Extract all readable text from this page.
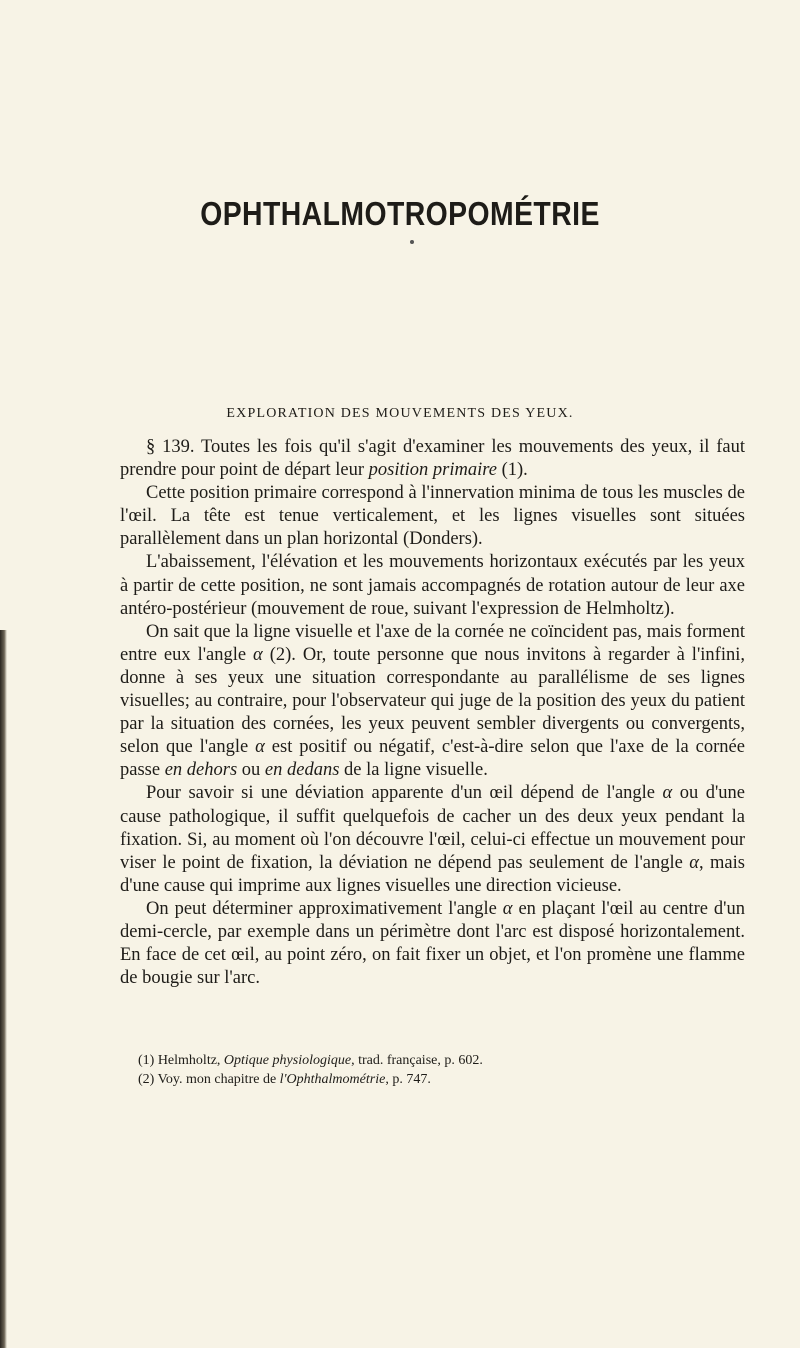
OPHTHALMOTROPOMÉTRIE
EXPLORATION DES MOUVEMENTS DES YEUX.

§ 139. Toutes les fois qu'il s'agit d'examiner les mouvements des yeux, il faut prendre pour point de départ leur position primaire (1).

Cette position primaire correspond à l'innervation minima de tous les muscles de l'œil. La tête est tenue verticalement, et les lignes visuelles sont situées parallèlement dans un plan horizontal (Donders).

L'abaissement, l'élévation et les mouvements horizontaux exécutés par les yeux à partir de cette position, ne sont jamais accompagnés de rotation autour de leur axe antéro-postérieur (mouvement de roue, suivant l'expression de Helmholtz).

On sait que la ligne visuelle et l'axe de la cornée ne coïncident pas, mais forment entre eux l'angle α (2). Or, toute personne que nous invitons à regarder à l'infini, donne à ses yeux une situation correspondante au parallélisme de ses lignes visuelles; au contraire, pour l'observateur qui juge de la position des yeux du patient par la situation des cornées, les yeux peuvent sembler divergents ou convergents, selon que l'angle α est positif ou négatif, c'est-à-dire selon que l'axe de la cornée passe en dehors ou en dedans de la ligne visuelle.

Pour savoir si une déviation apparente d'un œil dépend de l'angle α ou d'une cause pathologique, il suffit quelquefois de cacher un des deux yeux pendant la fixation. Si, au moment où l'on découvre l'œil, celui-ci effectue un mouvement pour viser le point de fixation, la déviation ne dépend pas seulement de l'angle α, mais d'une cause qui imprime aux lignes visuelles une direction vicieuse.

On peut déterminer approximativement l'angle α en plaçant l'œil au centre d'un demi-cercle, par exemple dans un périmètre dont l'arc est disposé horizontalement. En face de cet œil, au point zéro, on fait fixer un objet, et l'on promène une flamme de bougie sur l'arc.

(1) Helmholtz, Optique physiologique, trad. française, p. 602.

(2) Voy. mon chapitre de l'Ophthalmométrie, p. 747.
